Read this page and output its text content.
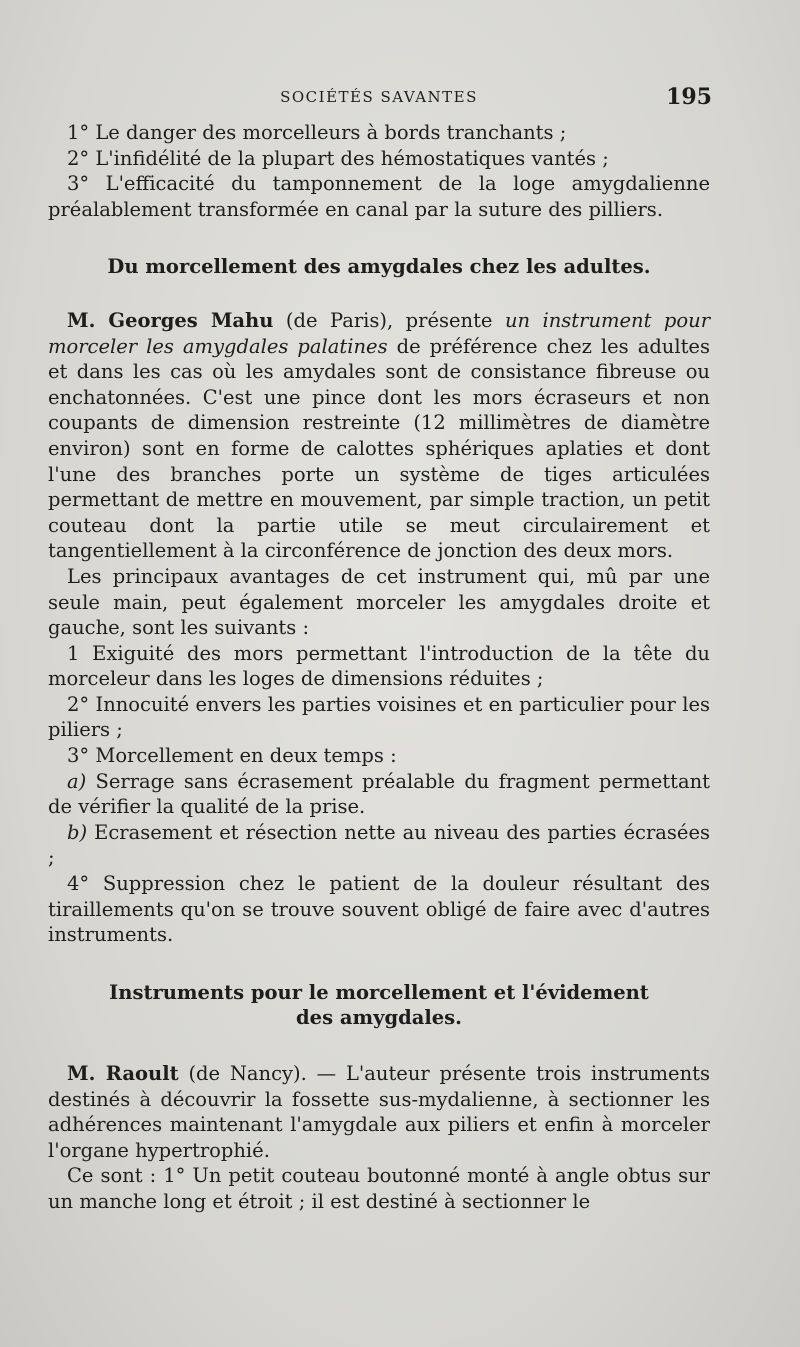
SOCIÉTÉS SAVANTES	195

1° Le danger des morcelleurs à bords tranchants ;

2° L'infidélité de la plupart des hémostatiques vantés ;

3° L'efficacité du tamponnement de la loge amygdalienne préalablement transformée en canal par la suture des pilliers.

Du morcellement des amygdales chez les adultes.

M. Georges Mahu (de Paris), présente un instrument pour morceler les amygdales palatines de préférence chez les adultes et dans les cas où les amydales sont de consistance fibreuse ou enchatonnées. C'est une pince dont les mors écraseurs et non coupants de dimension restreinte (12 millimètres de diamètre environ) sont en forme de calottes sphériques aplaties et dont l'une des branches porte un système de tiges articulées permettant de mettre en mouvement, par simple traction, un petit couteau dont la partie utile se meut circulairement et tangentiellement à la circonférence de jonction des deux mors.

Les principaux avantages de cet instrument qui, mû par une seule main, peut également morceler les amygdales droite et gauche, sont les suivants :

1 Exiguité des mors permettant l'introduction de la tête du morceleur dans les loges de dimensions réduites ;

2° Innocuité envers les parties voisines et en particulier pour les piliers ;

3° Morcellement en deux temps :

a) Serrage sans écrasement préalable du fragment permettant de vérifier la qualité de la prise.

b) Ecrasement et résection nette au niveau des parties écrasées ;

4° Suppression chez le patient de la douleur résultant des tiraillements qu'on se trouve souvent obligé de faire avec d'autres instruments.

Instruments pour le morcellement et l'évidement
des amygdales.

M. Raoult (de Nancy). — L'auteur présente trois instruments destinés à découvrir la fossette sus-mydalienne, à sectionner les adhérences maintenant l'amygdale aux piliers et enfin à morceler l'organe hypertrophié.

Ce sont : 1° Un petit couteau boutonné monté à angle obtus sur un manche long et étroit ; il est destiné à sectionner le
